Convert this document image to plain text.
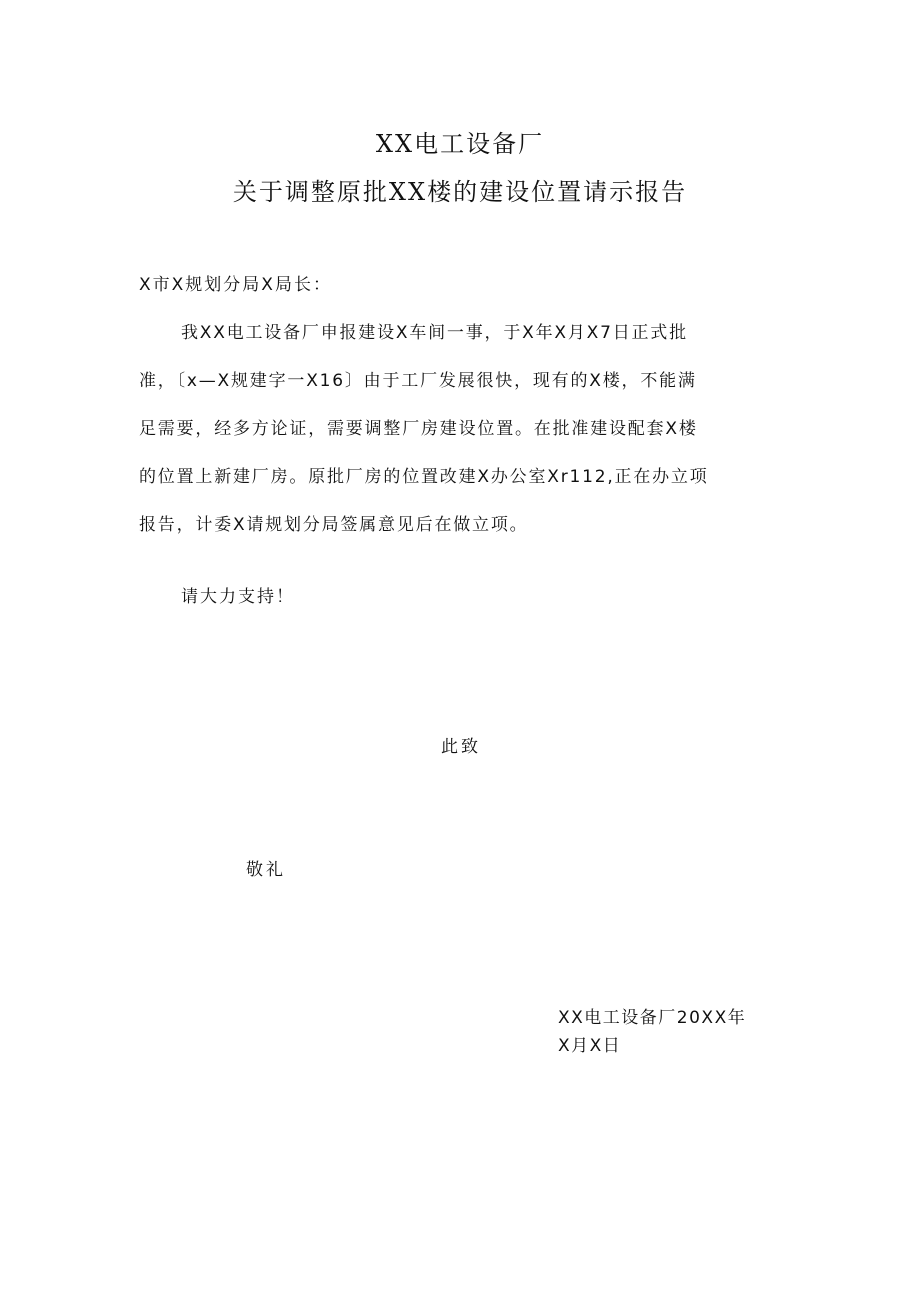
XX电工设备厂
关于调整原批XX楼的建设位置请示报告
X市X规划分局X局长：
我XX电工设备厂申报建设X车间一事，于X年X月X7日正式批
准，〔x—X规建字一X16〕由于工厂发展很快，现有的X楼，不能满
足需要，经多方论证，需要调整厂房建设位置。在批准建设配套X楼
的位置上新建厂房。原批厂房的位置改建X办公室Xr112,正在办立项
报告，计委X请规划分局签属意见后在做立项。
请大力支持！
此致
敬礼
XX电工设备厂20XX年
X月X日
